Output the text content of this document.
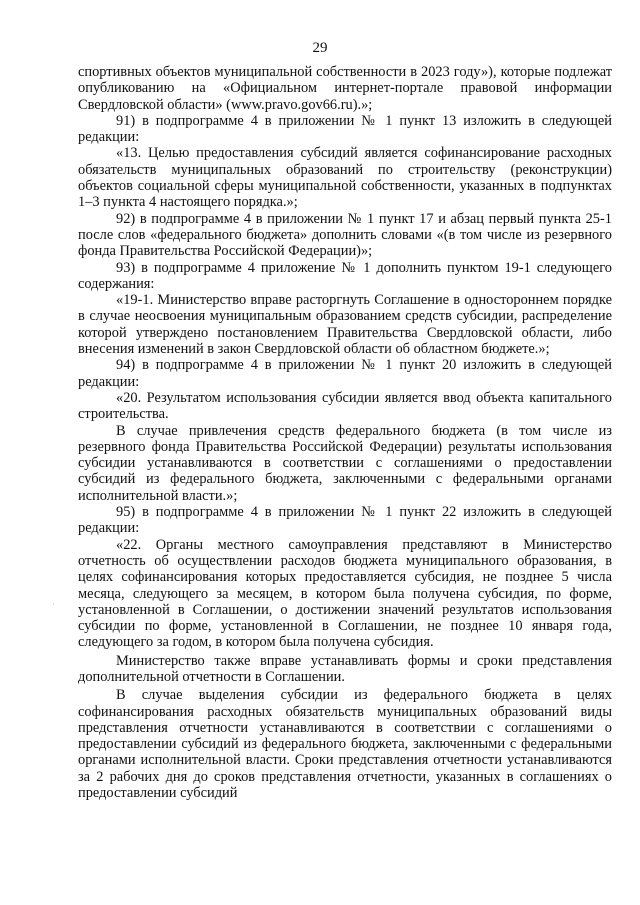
29

спортивных объектов муниципальной собственности в 2023 году»), которые подлежат опубликованию на «Официальном интернет-портале правовой информации Свердловской области» (www.pravo.gov66.ru).»;

91) в подпрограмме 4 в приложении № 1 пункт 13 изложить в следующей редакции:

«13. Целью предоставления субсидий является софинансирование расходных обязательств муниципальных образований по строительству (реконструкции) объектов социальной сферы муниципальной собственности, указанных в подпунктах 1–3 пункта 4 настоящего порядка.»;

92) в подпрограмме 4 в приложении № 1 пункт 17 и абзац первый пункта 25-1 после слов «федерального бюджета» дополнить словами «(в том числе из резервного фонда Правительства Российской Федерации)»;

93) в подпрограмме 4 приложение № 1 дополнить пунктом 19-1 следующего содержания:

«19-1. Министерство вправе расторгнуть Соглашение в одностороннем порядке в случае неосвоения муниципальным образованием средств субсидии, распределение которой утверждено постановлением Правительства Свердловской области, либо внесения изменений в закон Свердловской области об областном бюджете.»;

94) в подпрограмме 4 в приложении № 1 пункт 20 изложить в следующей редакции:

«20. Результатом использования субсидии является ввод объекта капитального строительства.

В случае привлечения средств федерального бюджета (в том числе из резервного фонда Правительства Российской Федерации) результаты использования субсидии устанавливаются в соответствии с соглашениями о предоставлении субсидий из федерального бюджета, заключенными с федеральными органами исполнительной власти.»;

95) в подпрограмме 4 в приложении № 1 пункт 22 изложить в следующей редакции:

«22. Органы местного самоуправления представляют в Министерство отчетность об осуществлении расходов бюджета муниципального образования, в целях софинансирования которых предоставляется субсидия, не позднее 5 числа месяца, следующего за месяцем, в котором была получена субсидия, по форме, установленной в Соглашении, о достижении значений результатов использования субсидии по форме, установленной в Соглашении, не позднее 10 января года, следующего за годом, в котором была получена субсидия.

Министерство также вправе устанавливать формы и сроки представления дополнительной отчетности в Соглашении.

В случае выделения субсидии из федерального бюджета в целях софинансирования расходных обязательств муниципальных образований виды представления отчетности устанавливаются в соответствии с соглашениями о предоставлении субсидий из федерального бюджета, заключенными с федеральными органами исполнительной власти. Сроки представления отчетности устанавливаются за 2 рабочих дня до сроков представления отчетности, указанных в соглашениях о предоставлении субсидий

·
